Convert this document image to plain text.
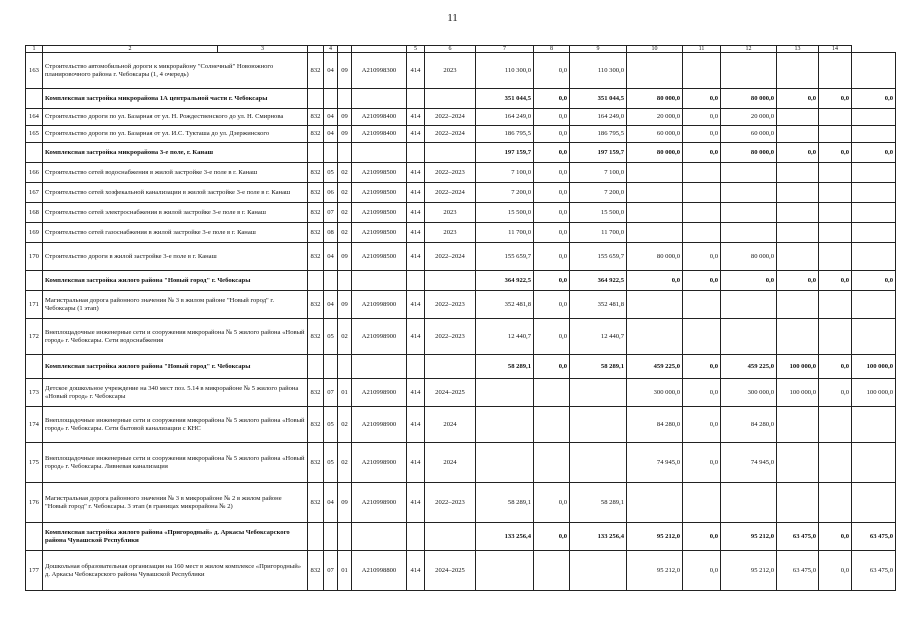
11
1	2	3		4			5	6	7	8	9	10	11	12	13	14	
163	Строительство автомобильной дороги к микрорайону "Солнечный" Новоюжного планировочного района г. Чебоксары (1, 4 очередь)		832	04	09	A210998300	414	2023	110 300,0	0,0	110 300,0						
	Комплексная застройка микрорайона 1А центральной части г. Чебоксары								351 044,5	0,0	351 044,5	80 000,0	0,0	80 000,0	0,0	0,0	0,0
164	Строительство дороги по ул. Базарная от ул. Н. Рождественского до ул. Н. Смирнова		832	04	09	A210998400	414	2022–2024	164 249,0	0,0	164 249,0	20 000,0	0,0	20 000,0			
165	Строительство дороги по ул. Базарная от ул. И.С. Тукташа до ул. Дзержинского		832	04	09	A210998400	414	2022–2024	186 795,5	0,0	186 795,5	60 000,0	0,0	60 000,0			
	Комплексная застройка микрорайона 3-е поле, г. Канаш								197 159,7	0,0	197 159,7	80 000,0	0,0	80 000,0	0,0	0,0	0,0
166	Строительство сетей водоснабжения в жилой застройке 3-е поле в г. Канаш		832	05	02	A210998500	414	2022–2023	7 100,0	0,0	7 100,0						
167	Строительство сетей хозфекальной канализации в жилой застройке 3-е поле в г. Канаш		832	06	02	A210998500	414	2022–2024	7 200,0	0,0	7 200,0						
168	Строительство сетей электроснабжения в жилой застройке 3-е поле в г. Канаш		832	07	02	A210998500	414	2023	15 500,0	0,0	15 500,0						
169	Строительство сетей газоснабжения в жилой застройке 3-е поле в г. Канаш		832	08	02	A210998500	414	2023	11 700,0	0,0	11 700,0						
170	Строительство дороги в жилой застройке 3-е поле в г. Канаш		832	04	09	A210998500	414	2022–2024	155 659,7	0,0	155 659,7	80 000,0	0,0	80 000,0			
	Комплексная застройка жилого района "Новый город" г. Чебоксары								364 922,5	0,0	364 922,5	0,0	0,0	0,0	0,0	0,0	0,0
171	Магистральная дорога районного значения № 3 в жилом районе "Новый город" г. Чебоксары (1 этап)		832	04	09	A210998900	414	2022–2023	352 481,8	0,0	352 481,8						
172	Внеплощадочные инженерные сети и сооружения микрорайона № 5 жилого района «Новый город» г. Чебоксары. Сети водоснабжения		832	05	02	A210998900	414	2022–2023	12 440,7	0,0	12 440,7						
	Комплексная застройка жилого района "Новый город" г. Чебоксары								58 289,1	0,0	58 289,1	459 225,0	0,0	459 225,0	100 000,0	0,0	100 000,0
173	Детское дошкольное учреждение на 340 мест поз. 5.14 в микрорайоне № 5 жилого района «Новый город» г. Чебоксары		832	07	01	A210998900	414	2024–2025				300 000,0	0,0	300 000,0	100 000,0	0,0	100 000,0
174	Внеплощадочные инженерные сети и сооружения микрорайона № 5 жилого района «Новый город» г. Чебоксары. Сети бытовой канализации с КНС		832	05	02	A210998900	414	2024				84 280,0	0,0	84 280,0			
175	Внеплощадочные инженерные сети и сооружения микрорайона № 5 жилого района «Новый город» г. Чебоксары. Ливневая канализация		832	05	02	A210998900	414	2024				74 945,0	0,0	74 945,0			
176	Магистральная дорога районного значения № 3 в микрорайоне № 2 в жилом районе "Новый город" г. Чебоксары. 3 этап (в границах микрорайона № 2)		832	04	09	A210998900	414	2022–2023	58 289,1	0,0	58 289,1						
	Комплексная застройка жилого района «Пригородный» д. Аркасы Чебоксарского района Чувашской Республики								133 256,4	0,0	133 256,4	95 212,0	0,0	95 212,0	63 475,0	0,0	63 475,0
177	Дошкольная образовательная организация на 160 мест в жилом комплексе «Пригородный» д. Аркасы Чебоксарского района Чувашской Республики		832	07	01	A210998800	414	2024–2025				95 212,0	0,0	95 212,0	63 475,0	0,0	63 475,0
